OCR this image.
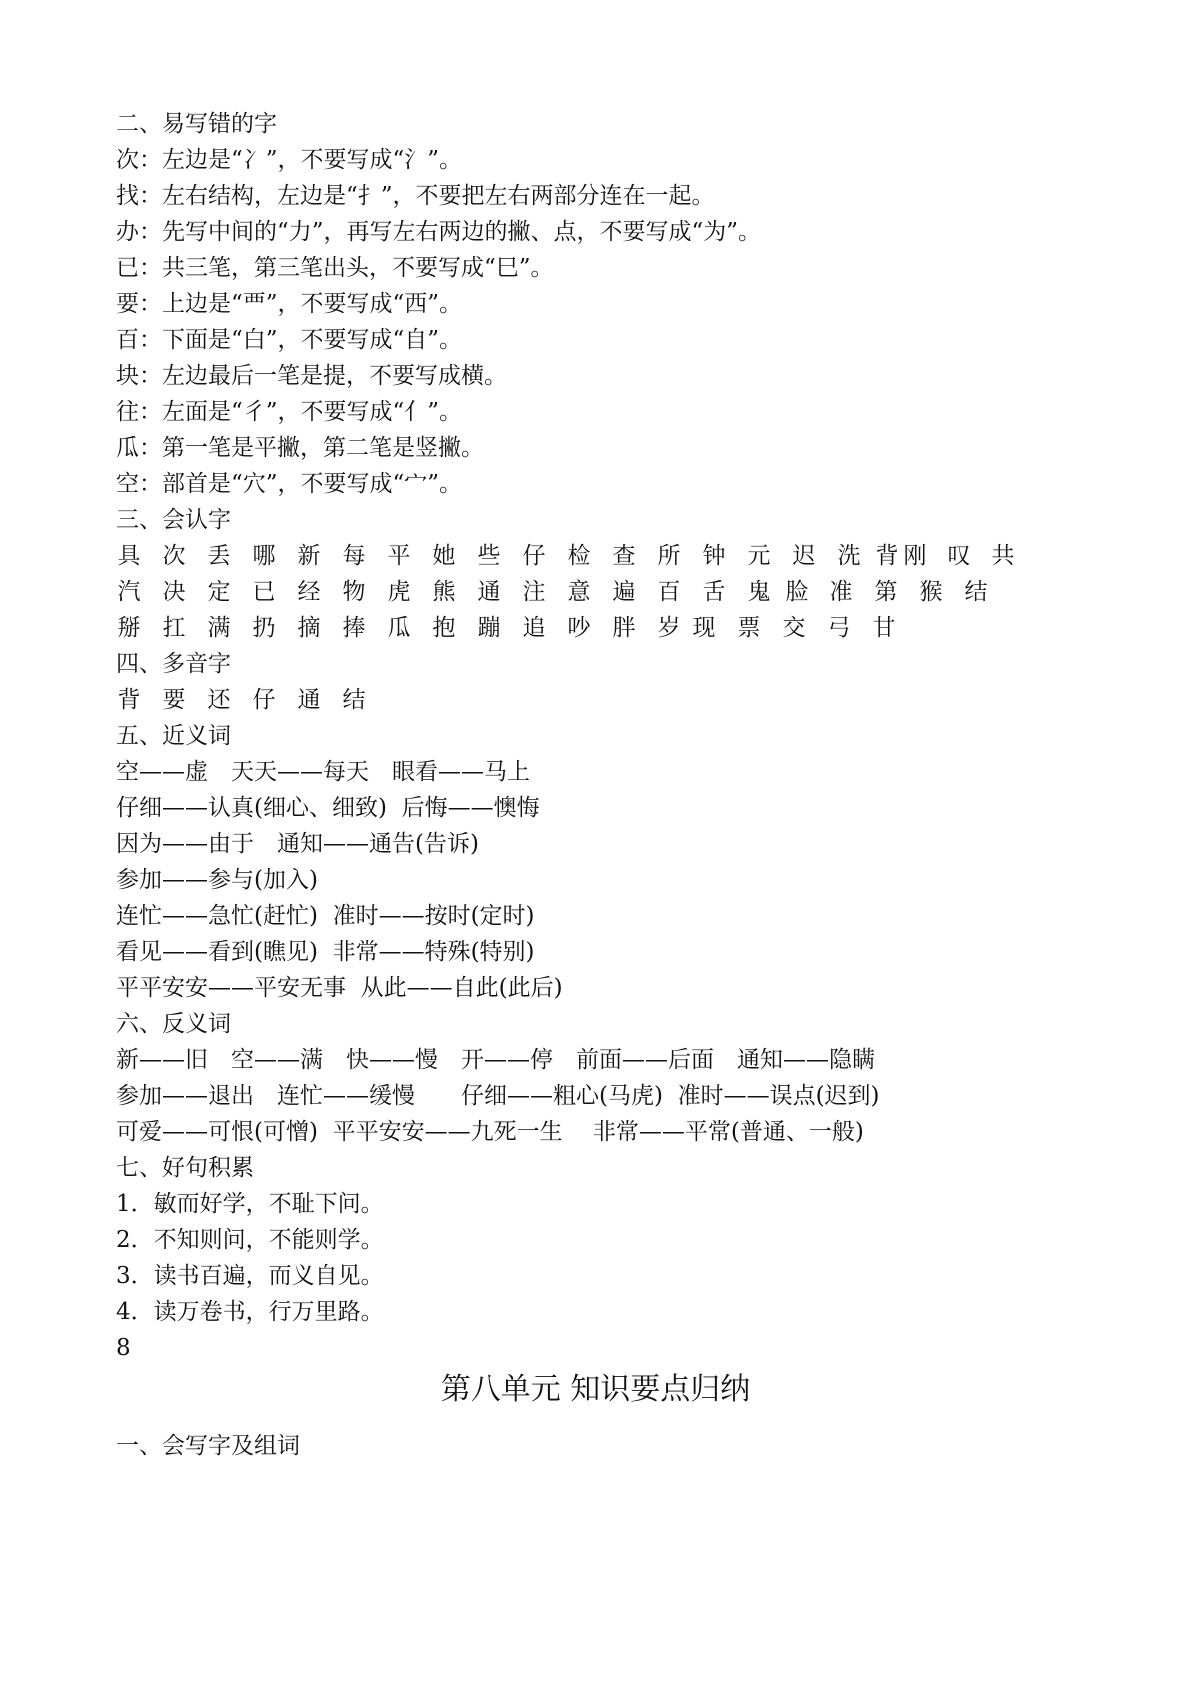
二、易写错的字
次：左边是“冫”，不要写成“氵”。
找：左右结构，左边是“扌”，不要把左右两部分连在一起。
办：先写中间的“力”，再写左右两边的撇、点，不要写成“为”。
已：共三笔，第三笔出头，不要写成“巳”。
要：上边是“覀”，不要写成“西”。
百：下面是“白”，不要写成“自”。
块：左边最后一笔是提，不要写成横。
往：左面是“彳”，不要写成“亻”。
瓜：第一笔是平撇，第二笔是竖撇。
空：部首是“穴”，不要写成“宀”。
三、会认字
具 次 丢 哪 新 每 平 她 些 仔 检 查 所 钟 元 迟 洗 背 刚 叹 共
汽 决 定 已 经 物 虎 熊 通 注 意 遍 百 舌 鬼 脸 准 第 猴 结
掰 扛 满 扔 摘 捧 瓜 抱 蹦 追 吵 胖 岁 现 票 交 弓 甘
四、多音字
背 要 还 仔 通 结
五、近义词
空——虚　天天——每天　眼看——马上
仔细——认真(细心、细致)  后悔——懊悔
因为——由于　通知——通告(告诉)
参加——参与(加入)
连忙——急忙(赶忙)  准时——按时(定时)
看见——看到(瞧见)  非常——特殊(特别)
平平安安——平安无事  从此——自此(此后)
六、反义词
新——旧　空——满　快——慢　开——停　前面——后面　通知——隐瞒
参加——退出　连忙——缓慢　　仔细——粗心(马虎)  准时——误点(迟到)
可爱——可恨(可憎)  平平安安——九死一生　 非常——平常(普通、一般)
七、好句积累
1．敏而好学，不耻下问。
2．不知则问，不能则学。
3．读书百遍，而义自见。
4．读万卷书，行万里路。
8
第八单元 知识要点归纳
一、会写字及组词
